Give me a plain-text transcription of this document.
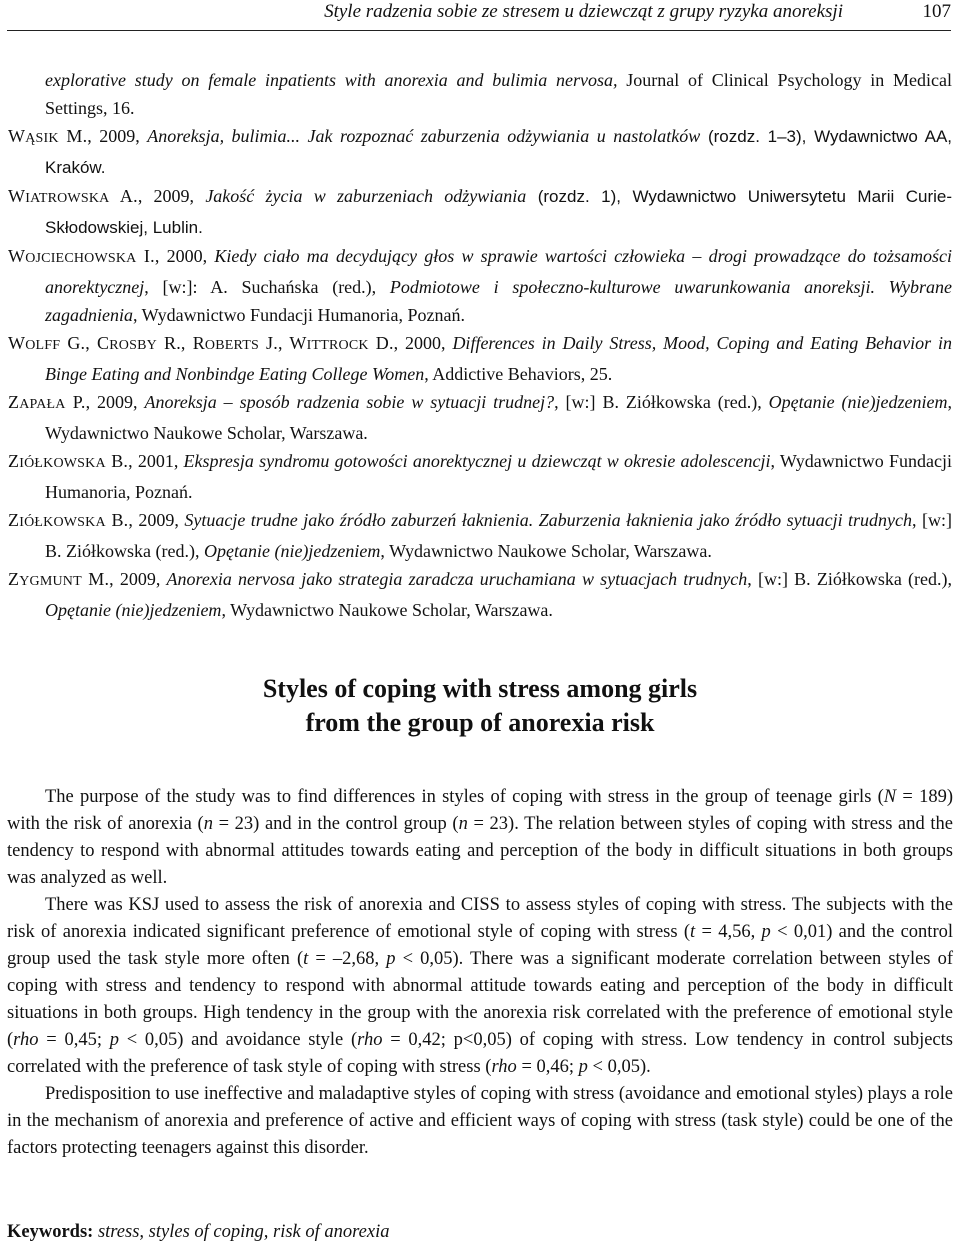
Style radzenia sobie ze stresem u dziewcząt z grupy ryzyka anoreksji	107

explorative study on female inpatients with anorexia and bulimia nervosa, Journal of Clinical Psychology in Medical Settings, 16.

WĄSIK M., 2009, Anoreksja, bulimia... Jak rozpoznać zaburzenia odżywiania u nastolatków (rozdz. 1–3), Wydawnictwo AA, Kraków.

WIATROWSKA A., 2009, Jakość życia w zaburzeniach odżywiania (rozdz. 1), Wydawnictwo Uniwersytetu Marii Curie-Skłodowskiej, Lublin.

WOJCIECHOWSKA I., 2000, Kiedy ciało ma decydujący głos w sprawie wartości człowieka – drogi prowadzące do tożsamości anorektycznej, [w:]: A. Suchańska (red.), Podmiotowe i społeczno-kulturowe uwarunkowania anoreksji. Wybrane zagadnienia, Wydawnictwo Fundacji Humanoria, Poznań.

WOLFF G., CROSBY R., ROBERTS J., WITTROCK D., 2000, Differences in Daily Stress, Mood, Coping and Eating Behavior in Binge Eating and Nonbindge Eating College Women, Addictive Behaviors, 25.

ZAPAŁA P., 2009, Anoreksja – sposób radzenia sobie w sytuacji trudnej?, [w:] B. Ziółkowska (red.), Opętanie (nie)jedzeniem, Wydawnictwo Naukowe Scholar, Warszawa.

ZIÓŁKOWSKA B., 2001, Ekspresja syndromu gotowości anorektycznej u dziewcząt w okresie adolescencji, Wydawnictwo Fundacji Humanoria, Poznań.

ZIÓŁKOWSKA B., 2009, Sytuacje trudne jako źródło zaburzeń łaknienia. Zaburzenia łaknienia jako źródło sytuacji trudnych, [w:] B. Ziółkowska (red.), Opętanie (nie)jedzeniem, Wydawnictwo Naukowe Scholar, Warszawa.

ZYGMUNT M., 2009, Anorexia nervosa jako strategia zaradcza uruchamiana w sytuacjach trudnych, [w:] B. Ziółkowska (red.), Opętanie (nie)jedzeniem, Wydawnictwo Naukowe Scholar, Warszawa.

Styles of coping with stress among girls
from the group of anorexia risk

The purpose of the study was to find differences in styles of coping with stress in the group of teenage girls (N = 189) with the risk of anorexia (n = 23) and in the control group (n = 23). The relation between styles of coping with stress and the tendency to respond with abnormal attitudes towards eating and perception of the body in difficult situations in both groups was analyzed as well.

There was KSJ used to assess the risk of anorexia and CISS to assess styles of coping with stress. The subjects with the risk of anorexia indicated significant preference of emotional style of coping with stress (t = 4,56, p < 0,01) and the control group used the task style more often (t = –2,68, p < 0,05). There was a significant moderate correlation between styles of coping with stress and tendency to respond with abnormal attitude towards eating and perception of the body in difficult situations in both groups. High tendency in the group with the anorexia risk correlated with the preference of emotional style (rho = 0,45; p < 0,05) and avoidance style (rho = 0,42; p<0,05) of coping with stress. Low tendency in control subjects correlated with the preference of task style of coping with stress (rho = 0,46; p < 0,05).

Predisposition to use ineffective and maladaptive styles of coping with stress (avoidance and emotional styles) plays a role in the mechanism of anorexia and preference of active and efficient ways of coping with stress (task style) could be one of the factors protecting teenagers against this disorder.

Keywords: stress, styles of coping, risk of anorexia
